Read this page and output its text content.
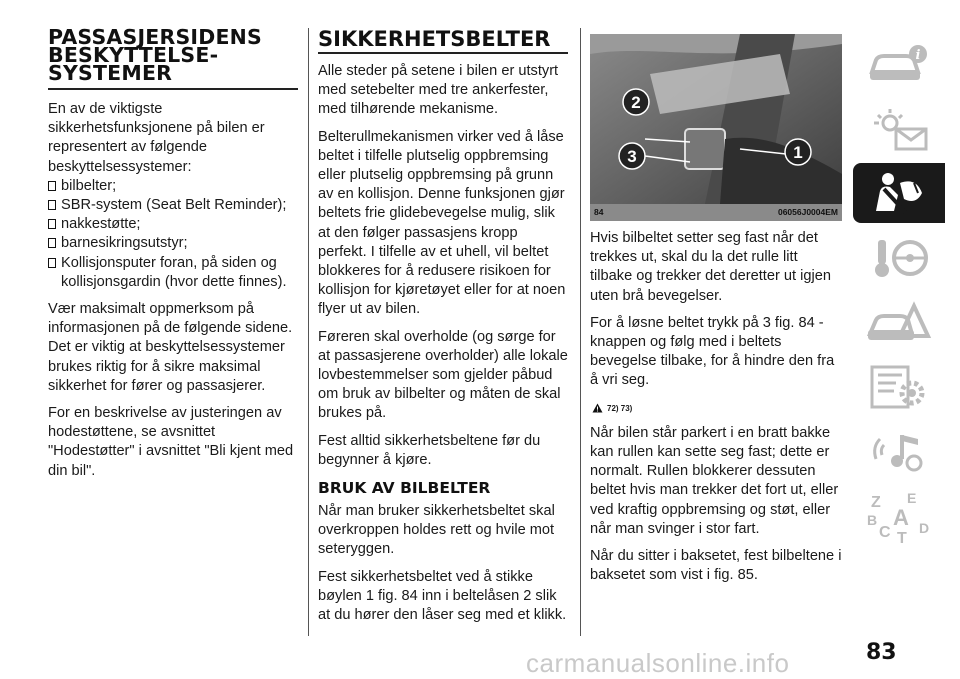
PASSASJERSIDENS
BESKYTTELSE-
SYSTEMER

En av de viktigste sikkerhetsfunksjonene på bilen er representert av følgende beskyttelsessystemer:

bilbelter;
SBR-system (Seat Belt Reminder);
nakkestøtte;
barnesikringsutstyr;
Kollisjonsputer foran, på siden og kollisjonsgardin (hvor dette finnes).

Vær maksimalt oppmerksom på informasjonen på de følgende sidene. Det er viktig at beskyttelsessystemer brukes riktig for å sikre maksimal sikkerhet for fører og passasjerer.

For en beskrivelse av justeringen av hodestøttene, se avsnittet "Hodestøtter" i avsnittet "Bli kjent med din bil".

SIKKERHETSBELTER

Alle steder på setene i bilen er utstyrt med setebelter med tre ankerfester, med tilhørende mekanisme.

Belterullmekanismen virker ved å låse beltet i tilfelle plutselig oppbremsing eller plutselig oppbremsing på grunn av en kollisjon. Denne funksjonen gjør beltets frie glidebevegelse mulig, slik at den følger passasjens kropp perfekt. I tilfelle av et uhell, vil beltet blokkeres for å redusere risikoen for kollisjon for kjøretøyet eller for at noen flyer ut av bilen.

Føreren skal overholde (og sørge for at passasjerene overholder) alle lokale lovbestemmelser som gjelder påbud om bruk av bilbelter og måten de skal brukes på.

Fest alltid sikkerhetsbeltene før du begynner å kjøre.

BRUK AV BILBELTER

Når man bruker sikkerhetsbeltet skal overkroppen holdes rett og hvile mot seteryggen.

Fest sikkerhetsbeltet ved å stikke bøylen 1 fig. 84 inn i beltelåsen 2 slik at du hører den låser seg med et klikk.

1
2
3
84	06056J0004EM

Hvis bilbeltet setter seg fast når det trekkes ut, skal du la det rulle litt tilbake og trekker det deretter ut igjen uten brå bevegelser.

For å løsne beltet trykk på 3 fig. 84 -knappen og følg med i beltets bevegelse tilbake, for å hindre den fra å vri seg.

72) 73)

Når bilen står parkert i en bratt bakke kan rullen kan sette seg fast; dette er normalt. Rullen blokkerer dessuten beltet hvis man trekker det fort ut, eller ved kraftig oppbremsing og støt, eller når man svinger i stor fart.

Når du sitter i baksetet, fest bilbeltene i baksetet som vist i fig. 85.

i
Z E
B A
C D
T
83
carmanualsonline.info
